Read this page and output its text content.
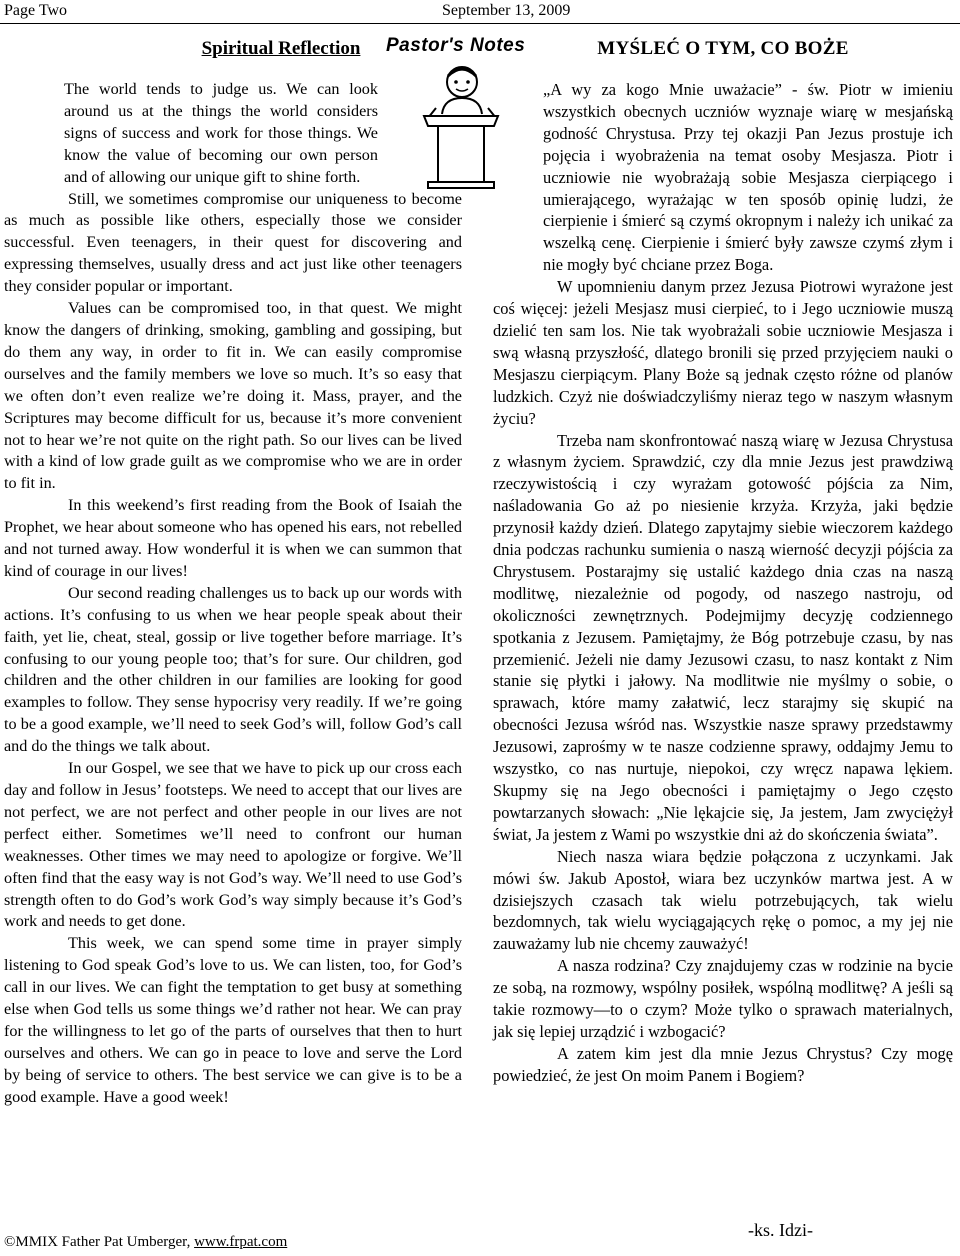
Page Two	September 13, 2009
Pastor's Notes
Spiritual Reflection

The world tends to judge us. We can look around us at the things the world considers signs of success and work for those things. We know the value of becoming our own person and of allowing our unique gift to shine forth.

Still, we sometimes compromise our uniqueness to become as much as possible like others, especially those we consider successful. Even teenagers, in their quest for discovering and expressing themselves, usually dress and act just like other teenagers they consider popular or important.

Values can be compromised too, in that quest. We might know the dangers of drinking, smoking, gambling and gossiping, but do them any way, in order to fit in. We can easily compromise ourselves and the family members we love so much. It’s so easy that we often don’t even realize we’re doing it. Mass, prayer, and the Scriptures may become difficult for us, because it’s more convenient not to hear we’re not quite on the right path. So our lives can be lived with a kind of low grade guilt as we compromise who we are in order to fit in.

In this weekend’s first reading from the Book of Isaiah the Prophet, we hear about someone who has opened his ears, not rebelled and not turned away. How wonderful it is when we can summon that kind of courage in our lives!

Our second reading challenges us to back up our words with actions. It’s confusing to us when we hear people speak about their faith, yet lie, cheat, steal, gossip or live together before marriage. It’s confusing to our young people too; that’s for sure. Our children, god children and the other children in our families are looking for good examples to follow. They sense hypocrisy very readily. If we’re going to be a good example, we’ll need to seek God’s will, follow God’s call and do the things we talk about.

In our Gospel, we see that we have to pick up our cross each day and follow in Jesus’ footsteps. We need to accept that our lives are not perfect, we are not perfect and other people in our lives are not perfect either. Sometimes we’ll need to confront our human weaknesses. Other times we may need to apologize or forgive. We’ll often find that the easy way is not God’s way. We’ll need to use God’s strength often to do God’s work God’s way simply because it’s God’s work and needs to get done.

This week, we can spend some time in prayer simply listening to God speak God’s love to us. We can listen, too, for God’s call in our lives. We can fight the temptation to get busy at something else when God tells us some things we’d rather not hear. We can pray for the willingness to let go of the parts of ourselves that then to hurt ourselves and others. We can go in peace to love and serve the Lord by being of service to others. The best service we can give is to be a good example. Have a good week!

MYŚLEĆ O TYM, CO BOŻE

„A wy za kogo Mnie uważacie” - św. Piotr w imieniu wszystkich obecnych uczniów wyznaje wiarę w mesjańską godność Chrystusa. Przy tej okazji Pan Jezus prostuje ich pojęcia i wyobrażenia na temat osoby Mesjasza. Piotr i uczniowie nie wyobrażają sobie Mesjasza cierpiącego i umierającego, wyrażając w ten sposób opinię ludzi, że cierpienie i śmierć są czymś okropnym i należy ich unikać za wszelką cenę. Cierpienie i śmierć były zawsze czymś złym i nie mogły być chciane przez Boga.

W upomnieniu danym przez Jezusa Piotrowi wyrażone jest coś więcej: jeżeli Mesjasz musi cierpieć, to i Jego uczniowie muszą dzielić ten sam los. Nie tak wyobrażali sobie uczniowie Mesjasza i swą własną przyszłość, dlatego bronili się przed przyjęciem nauki o Mesjaszu cierpiącym. Plany Boże są jednak często różne od planów ludzkich. Czyż nie doświadczyliśmy nieraz tego w naszym własnym życiu?

Trzeba nam skonfrontować naszą wiarę w Jezusa Chrystusa z własnym życiem. Sprawdzić, czy dla mnie Jezus jest prawdziwą rzeczywistością i czy wyrażam gotowość pójścia za Nim, naśladowania Go aż po niesienie krzyża. Krzyża, jaki będzie przynosił każdy dzień. Dlatego zapytajmy siebie wieczorem każdego dnia podczas rachunku sumienia o naszą wierność decyzji pójścia za Chrystusem. Postarajmy się ustalić każdego dnia czas na naszą modlitwę, niezależnie od pogody, od naszego nastroju, od okoliczności zewnętrznych. Podejmijmy decyzję codziennego spotkania z Jezusem. Pamiętajmy, że Bóg potrzebuje czasu, by nas przemienić. Jeżeli nie damy Jezusowi czasu, to nasz kontakt z Nim stanie się płytki i jałowy. Na modlitwie nie myślmy o sobie, o sprawach, które mamy załatwić, lecz starajmy się skupić na obecności Jezusa wśród nas. Wszystkie nasze sprawy przedstawmy Jezusowi, zaprośmy w te nasze codzienne sprawy, oddajmy Jemu to wszystko, co nas nurtuje, niepokoi, czy wręcz napawa lękiem. Skupmy się na Jego obecności i pamiętajmy o Jego często powtarzanych słowach: „Nie lękajcie się, Ja jestem, Jam zwyciężył świat, Ja jestem z Wami po wszystkie dni aż do skończenia świata”.

Niech nasza wiara będzie połączona z uczynkami. Jak mówi św. Jakub Apostoł, wiara bez uczynków martwa jest. A w dzisiejszych czasach tak wielu potrzebujących, tak wielu bezdomnych, tak wielu wyciągających rękę o pomoc, a my jej nie zauważamy lub nie chcemy zauważyć!

A nasza rodzina? Czy znajdujemy czas w rodzinie na bycie ze sobą, na rozmowy, wspólny posiłek, wspólną modlitwę? A jeśli są takie rozmowy—to o czym? Może tylko o sprawach materialnych, jak się lepiej urządzić i wzbogacić?

A zatem kim jest dla mnie Jezus Chrystus? Czy mogę powiedzieć, że jest On moim Panem i Bogiem?

©MMIX Father Pat Umberger, www.frpat.com
-ks. Idzi-
